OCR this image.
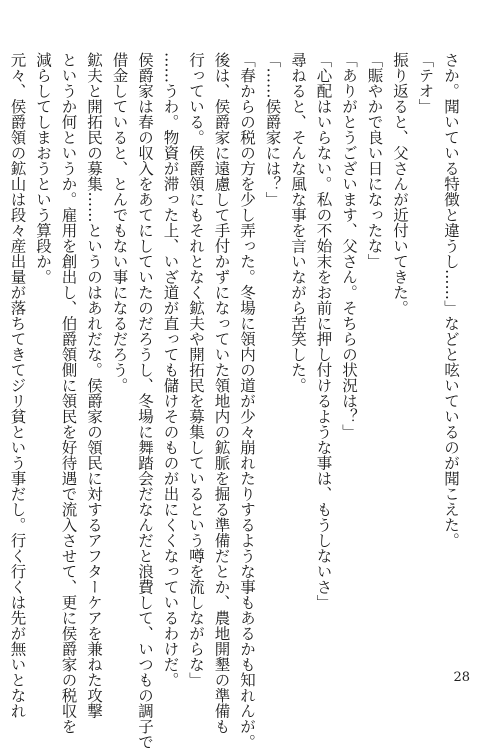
さか。聞いている特徴と違うし……」などと呟いているのが聞こえた。
「テオ」
振り返ると、父さんが近付いてきた。
「賑やかで良い日になったな」
「ありがとうございます、父さん。そちらの状況は？」
「心配はいらない。私の不始末をお前に押し付けるような事は、もうしないさ」
尋ねると、そんな風な事を言いながら苦笑した。
「……侯爵家には？」
「春からの税の方を少し弄った。冬場に領内の道が少々崩れたりするような事もあるかも知れんが。
後は、侯爵家に遠慮して手付かずになっていた領地内の鉱脈を掘る準備だとか、農地開墾の準備も
行っている。侯爵領にもそれとなく鉱夫や開拓民を募集しているという噂を流しながらな」
……うわ。物資が滞った上、いざ道が直っても儲けそのものが出にくくなっているわけだ。
侯爵家は春の収入をあてにしていたのだろうし、冬場に舞踏会だなんだと浪費して、いつもの調子で
借金していると、とんでもない事になるだろう。
鉱夫と開拓民の募集……というのはあれだな。侯爵家の領民に対するアフターケアを兼ねた攻撃
というか何というか。雇用を創出し、伯爵領側に領民を好待遇で流入させて、更に侯爵家の税収を
減らしてしまおうという算段か。
元々、侯爵領の鉱山は段々産出量が落ちてきてジリ貧という事だし。行く行くは先が無いとなれ	28
